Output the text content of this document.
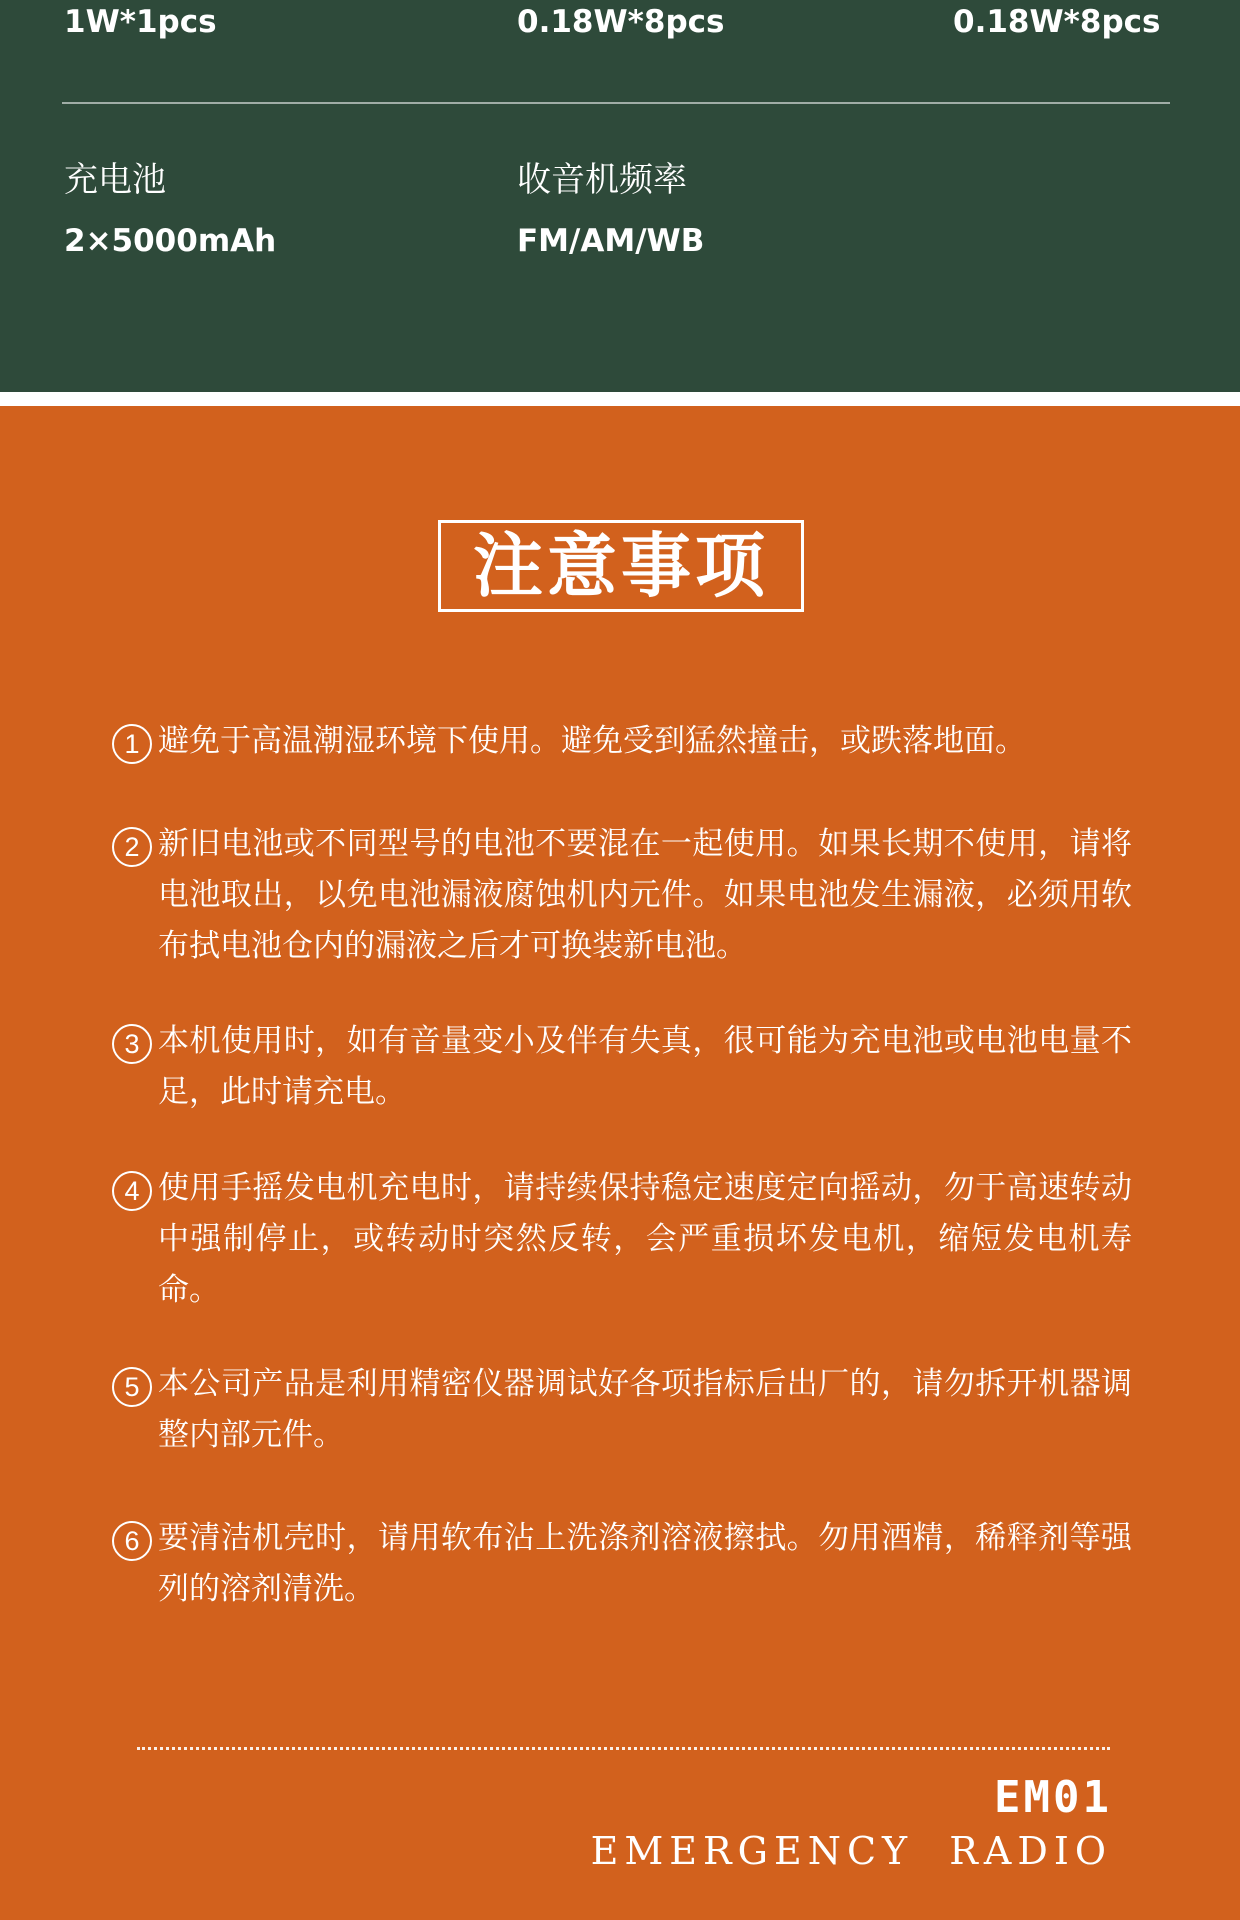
1W*1pcs	0.18W*8pcs	0.18W*8pcs
充电池
2×5000mAh
收音机频率
FM/AM/WB
注意事项
1 避免于高温潮湿环境下使用。避免受到猛然撞击，或跌落地面。
2 新旧电池或不同型号的电池不要混在一起使用。如果长期不使用，请将电池取出，以免电池漏液腐蚀机内元件。如果电池发生漏液，必须用软布拭电池仓内的漏液之后才可换装新电池。
3 本机使用时，如有音量变小及伴有失真，很可能为充电池或电池电量不足，此时请充电。
4 使用手摇发电机充电时，请持续保持稳定速度定向摇动，勿于高速转动中强制停止，或转动时突然反转，会严重损坏发电机，缩短发电机寿命。
5 本公司产品是利用精密仪器调试好各项指标后出厂的，请勿拆开机器调整内部元件。
6 要清洁机壳时，请用软布沾上洗涤剂溶液擦拭。勿用酒精，稀释剂等强列的溶剂清洗。
EM01
EMERGENCY  RADIO
